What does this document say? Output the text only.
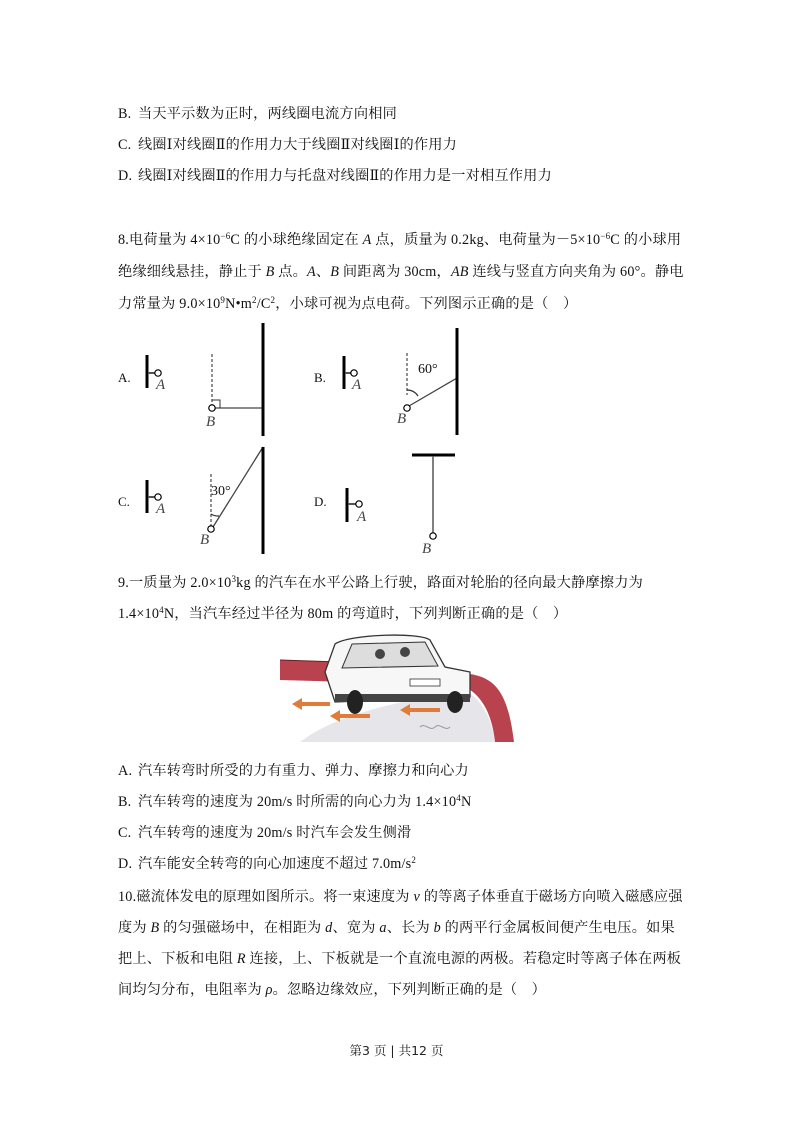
B. 当天平示数为正时，两线圈电流方向相同
C. 线圈Ⅰ对线圈Ⅱ的作用力大于线圈Ⅱ对线圈Ⅰ的作用力
D. 线圈Ⅰ对线圈Ⅱ的作用力与托盘对线圈Ⅱ的作用力是一对相互作用力
8.电荷量为 $4\times 10^{-6}C$ 的小球绝缘固定在 A 点，质量为 0.2kg、电荷量为$-5\times 10^{-6}C$ 的小球用
绝缘细线悬挂，静止于 B 点。A、B 间距离为 30cm，AB 连线与竖直方向夹角为 60°。静电
力常量为 $9.0\times 10^9N•m^2/C^2$，小球可视为点电荷。下列图示正确的是（　）
A. A
B
B.
60°
A
B
C.
30°
A
B
D.
A
B
9.一质量为 $2.0\times 10^3kg$ 的汽车在水平公路上行驶，路面对轮胎的径向最大静摩擦力为
$1.4\times 10^4N$，当汽车经过半径为 80m 的弯道时，下列判断正确的是（　）
A. 汽车转弯时所受的力有重力、弹力、摩擦力和向心力
B. 汽车转弯的速度为 20m/s 时所需的向心力为 $1.4\times 10^4N$
C. 汽车转弯的速度为 20m/s 时汽车会发生侧滑
D. 汽车能安全转弯的向心加速度不超过 $7.0m/s^2$
10.磁流体发电的原理如图所示。将一束速度为 v 的等离子体垂直于磁场方向喷入磁感应强
度为 B 的匀强磁场中，在相距为 d、宽为 a、长为 b 的两平行金属板间便产生电压。如果
把上、下板和电阻 R 连接，上、下板就是一个直流电源的两极。若稳定时等离子体在两板
间均匀分布，电阻率为 ρ。忽略边缘效应，下列判断正确的是（　）
第3 页 | 共12 页
